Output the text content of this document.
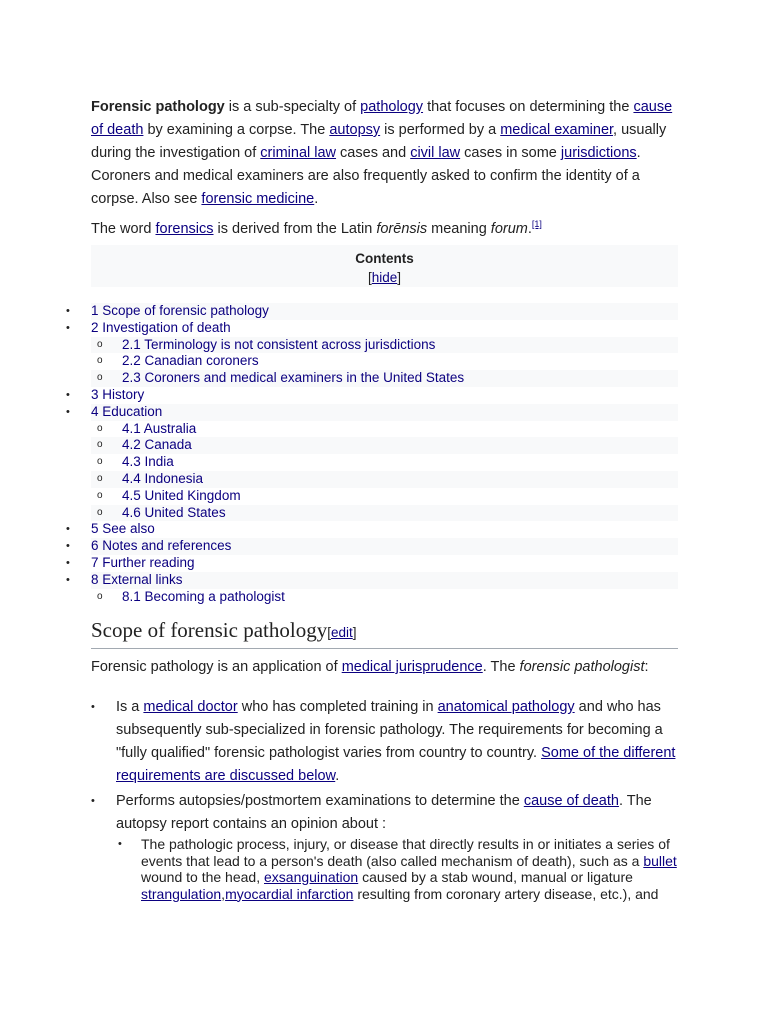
Forensic pathology is a sub-specialty of pathology that focuses on determining the cause of death by examining a corpse. The autopsy is performed by a medical examiner, usually during the investigation of criminal law cases and civil law cases in some jurisdictions. Coroners and medical examiners are also frequently asked to confirm the identity of a corpse. Also see forensic medicine.
The word forensics is derived from the Latin forēnsis meaning forum.[1]
Contents
[hide]
• 1 Scope of forensic pathology
• 2 Investigation of death
o 2.1 Terminology is not consistent across jurisdictions
o 2.2 Canadian coroners
o 2.3 Coroners and medical examiners in the United States
• 3 History
• 4 Education
o 4.1 Australia
o 4.2 Canada
o 4.3 India
o 4.4 Indonesia
o 4.5 United Kingdom
o 4.6 United States
• 5 See also
• 6 Notes and references
• 7 Further reading
• 8 External links
o 8.1 Becoming a pathologist
Scope of forensic pathology[edit]
Forensic pathology is an application of medical jurisprudence. The forensic pathologist:
• Is a medical doctor who has completed training in anatomical pathology and who has subsequently sub-specialized in forensic pathology. The requirements for becoming a "fully qualified" forensic pathologist varies from country to country. Some of the different requirements are discussed below.
• Performs autopsies/postmortem examinations to determine the cause of death. The autopsy report contains an opinion about :
• The pathologic process, injury, or disease that directly results in or initiates a series of events that lead to a person's death (also called mechanism of death), such as a bullet wound to the head, exsanguination caused by a stab wound, manual or ligature strangulation,myocardial infarction resulting from coronary artery disease, etc.), and
